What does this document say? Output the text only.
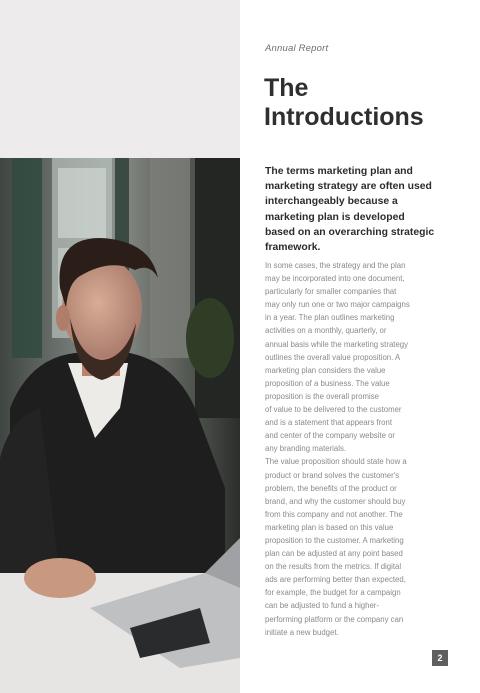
Annual Report
The
Introductions
The terms marketing plan and
marketing strategy are often used
interchangeably because a
marketing plan is developed
based on an overarching strategic
framework.
In some cases, the strategy and the plan
may be incorporated into one document,
particularly for smaller companies that
may only run one or two major campaigns
in a year. The plan outlines marketing
activities on a monthly, quarterly, or
annual basis while the marketing strategy
outlines the overall value proposition. A
marketing plan considers the value
proposition of a business. The value
proposition is the overall promise
of value to be delivered to the customer
and is a statement that appears front
and center of the company website or
any branding materials.
The value proposition should state how a
product or brand solves the customer's
problem, the benefits of the product or
brand, and why the customer should buy
from this company and not another. The
marketing plan is based on this value
proposition to the customer. A marketing
plan can be adjusted at any point based
on the results from the metrics. If digital
ads are performing better than expected,
for example, the budget for a campaign
can be adjusted to fund a higher-
performing platform or the company can
initiate a new budget.
2
